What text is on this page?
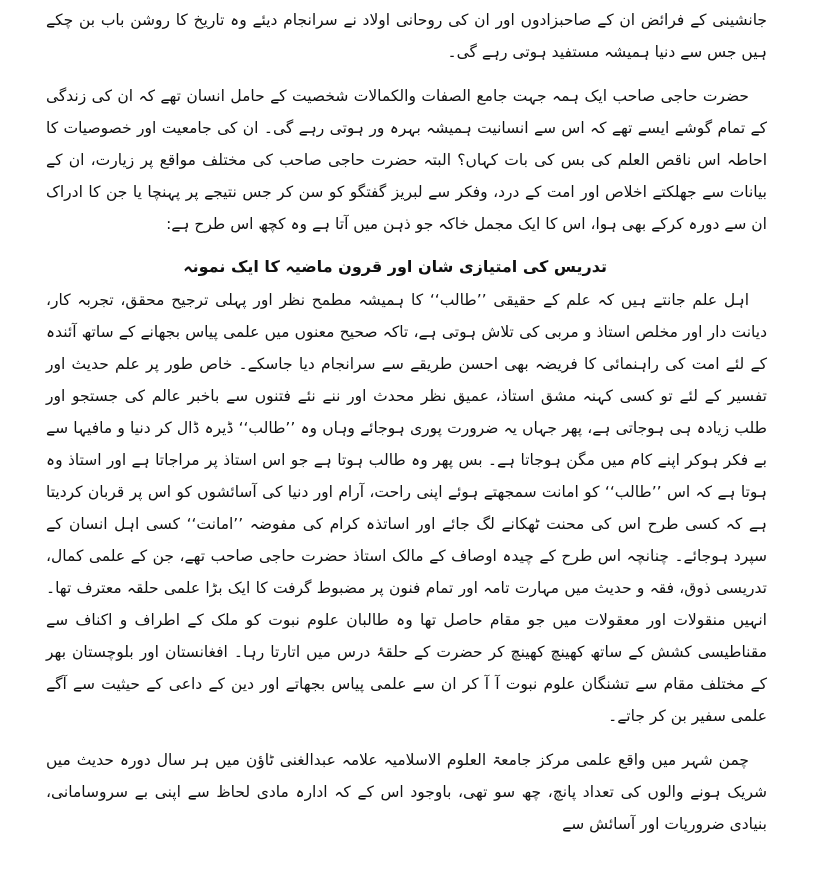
جانشینی کے فرائض ان کے صاحبزادوں اور ان کی روحانی اولاد نے سرانجام دیئے وہ تاریخ کا روشن باب بن چکے ہیں جس سے دنیا ہمیشہ مستفید ہوتی رہے گی۔

حضرت حاجی صاحب ایک ہمہ جہت جامع الصفات والکمالات شخصیت کے حامل انسان تھے کہ ان کی زندگی کے تمام گوشے ایسے تھے کہ اس سے انسانیت ہمیشہ بہرہ ور ہوتی رہے گی۔ ان کی جامعیت اور خصوصیات کا احاطہ اس ناقص العلم کی بس کی بات کہاں؟ البتہ حضرت حاجی صاحب کی مختلف مواقع پر زیارت، ان کے بیانات سے جھلکتے اخلاص اور امت کے درد، وفکر سے لبریز گفتگو کو سن کر جس نتیجے پر پہنچا یا جن کا ادراک ان سے دورہ کرکے بھی ہوا، اس کا ایک مجمل خاکہ جو ذہن میں آتا ہے وہ کچھ اس طرح ہے:

تدریس کی امتیازی شان اور قرون ماضیہ کا ایک نمونہ

اہل علم جانتے ہیں کہ علم کے حقیقی ’’طالب‘‘ کا ہمیشہ مطمح نظر اور پہلی ترجیح محقق، تجربہ کار، دیانت دار اور مخلص استاذ و مربی کی تلاش ہوتی ہے، تاکہ صحیح معنوں میں علمی پیاس بجھانے کے ساتھ آئندہ کے لئے امت کی راہنمائی کا فریضہ بھی احسن طریقے سے سرانجام دیا جاسکے۔ خاص طور پر علم حدیث اور تفسیر کے لئے تو کسی کہنہ مشق استاذ، عمیق نظر محدث اور ننے نئے فتنوں سے باخبر عالم کی جستجو اور طلب زیادہ ہی ہوجاتی ہے، پھر جہاں یہ ضرورت پوری ہوجائے وہاں وہ ’’طالب‘‘ ڈیرہ ڈال کر دنیا و مافیہا سے بے فکر ہوکر اپنے کام میں مگن ہوجاتا ہے۔ بس پھر وہ طالب ہوتا ہے جو اس استاذ پر مراجاتا ہے اور استاذ وہ ہوتا ہے کہ اس ’’طالب‘‘ کو امانت سمجھتے ہوئے اپنی راحت، آرام اور دنیا کی آسائشوں کو اس پر قربان کردیتا ہے کہ کسی طرح اس کی محنت ٹھکانے لگ جائے اور اساتذہ کرام کی مفوضہ ’’امانت‘‘ کسی اہل انسان کے سپرد ہوجائے۔ چنانچہ اس طرح کے چیدہ اوصاف کے مالک استاذ حضرت حاجی صاحب تھے، جن کے علمی کمال، تدریسی ذوق، فقہ و حدیث میں مہارت تامہ اور تمام فنون پر مضبوط گرفت کا ایک بڑا علمی حلقہ معترف تھا۔ انہیں منقولات اور معقولات میں جو مقام حاصل تھا وہ طالبان علوم نبوت کو ملک کے اطراف و اکناف سے مقناطیسی کشش کے ساتھ کھینچ کھینچ کر حضرت کے حلقۂ درس میں اتارتا رہا۔ افغانستان اور بلوچستان بھر کے مختلف مقام سے تشنگان علوم نبوت آ آ کر ان سے علمی پیاس بجھاتے اور دین کے داعی کے حیثیت سے آگے علمی سفیر بن کر جاتے۔

چمن شہر میں واقع علمی مرکز جامعۃ العلوم الاسلامیہ علامہ عبدالغنی ٹاؤن میں ہر سال دورہ حدیث میں شریک ہونے والوں کی تعداد پانچ، چھ سو تھی، باوجود اس کے کہ ادارہ مادی لحاظ سے اپنی بے سروسامانی، بنیادی ضروریات اور آسائش سے
